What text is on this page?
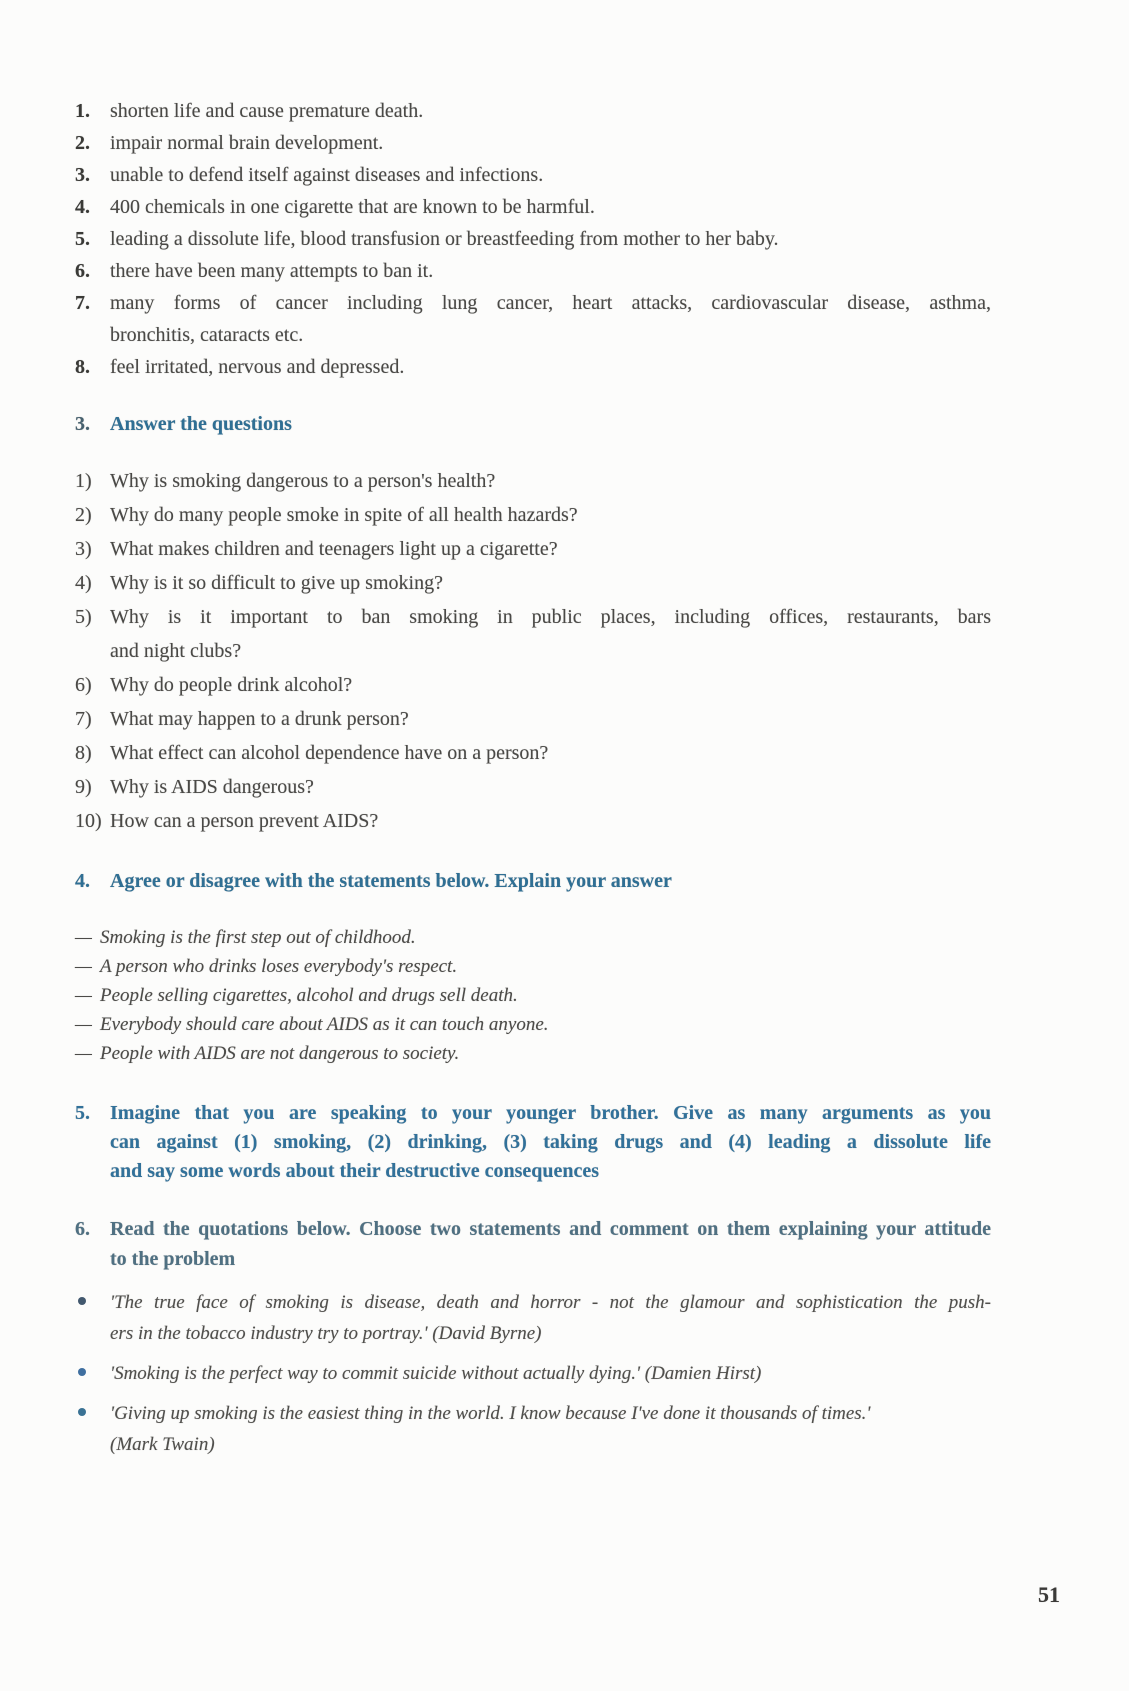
1.	shorten life and cause premature death.
2.	impair normal brain development.
3.	unable to defend itself against diseases and infections.
4.	400 chemicals in one cigarette that are known to be harmful.
5.	leading a dissolute life, blood transfusion or breastfeeding from mother to her baby.
6.	there have been many attempts to ban it.
7.	many forms of cancer including lung cancer, heart attacks, cardiovascular disease, asthma,
bronchitis, cataracts etc.
8.	feel irritated, nervous and depressed.
3.	Answer the questions
1) Why is smoking dangerous to a person's health?
2) Why do many people smoke in spite of all health hazards?
3) What makes children and teenagers light up a cigarette?
4) Why is it so difficult to give up smoking?
5) Why is it important to ban smoking in public places, including offices, restaurants, bars
and night clubs?
6) Why do people drink alcohol?
7) What may happen to a drunk person?
8) What effect can alcohol dependence have on a person?
9) Why is AIDS dangerous?
10) How can a person prevent AIDS?
4.	Agree or disagree with the statements below. Explain your answer
— Smoking is the first step out of childhood.
— A person who drinks loses everybody's respect.
— People selling cigarettes, alcohol and drugs sell death.
— Everybody should care about AIDS as it can touch anyone.
— People with AIDS are not dangerous to society.
5.	Imagine that you are speaking to your younger brother. Give as many arguments as you
can against (1) smoking, (2) drinking, (3) taking drugs and (4) leading a dissolute life
and say some words about their destructive consequences
6.	Read the quotations below. Choose two statements and comment on them explaining your attitude
to the problem
'The true face of smoking is disease, death and horror - not the glamour and sophistication the push-
ers in the tobacco industry try to portray.' (David Byrne)
'Smoking is the perfect way to commit suicide without actually dying.' (Damien Hirst)
'Giving up smoking is the easiest thing in the world. I know because I've done it thousands of times.'
(Mark Twain)
51
